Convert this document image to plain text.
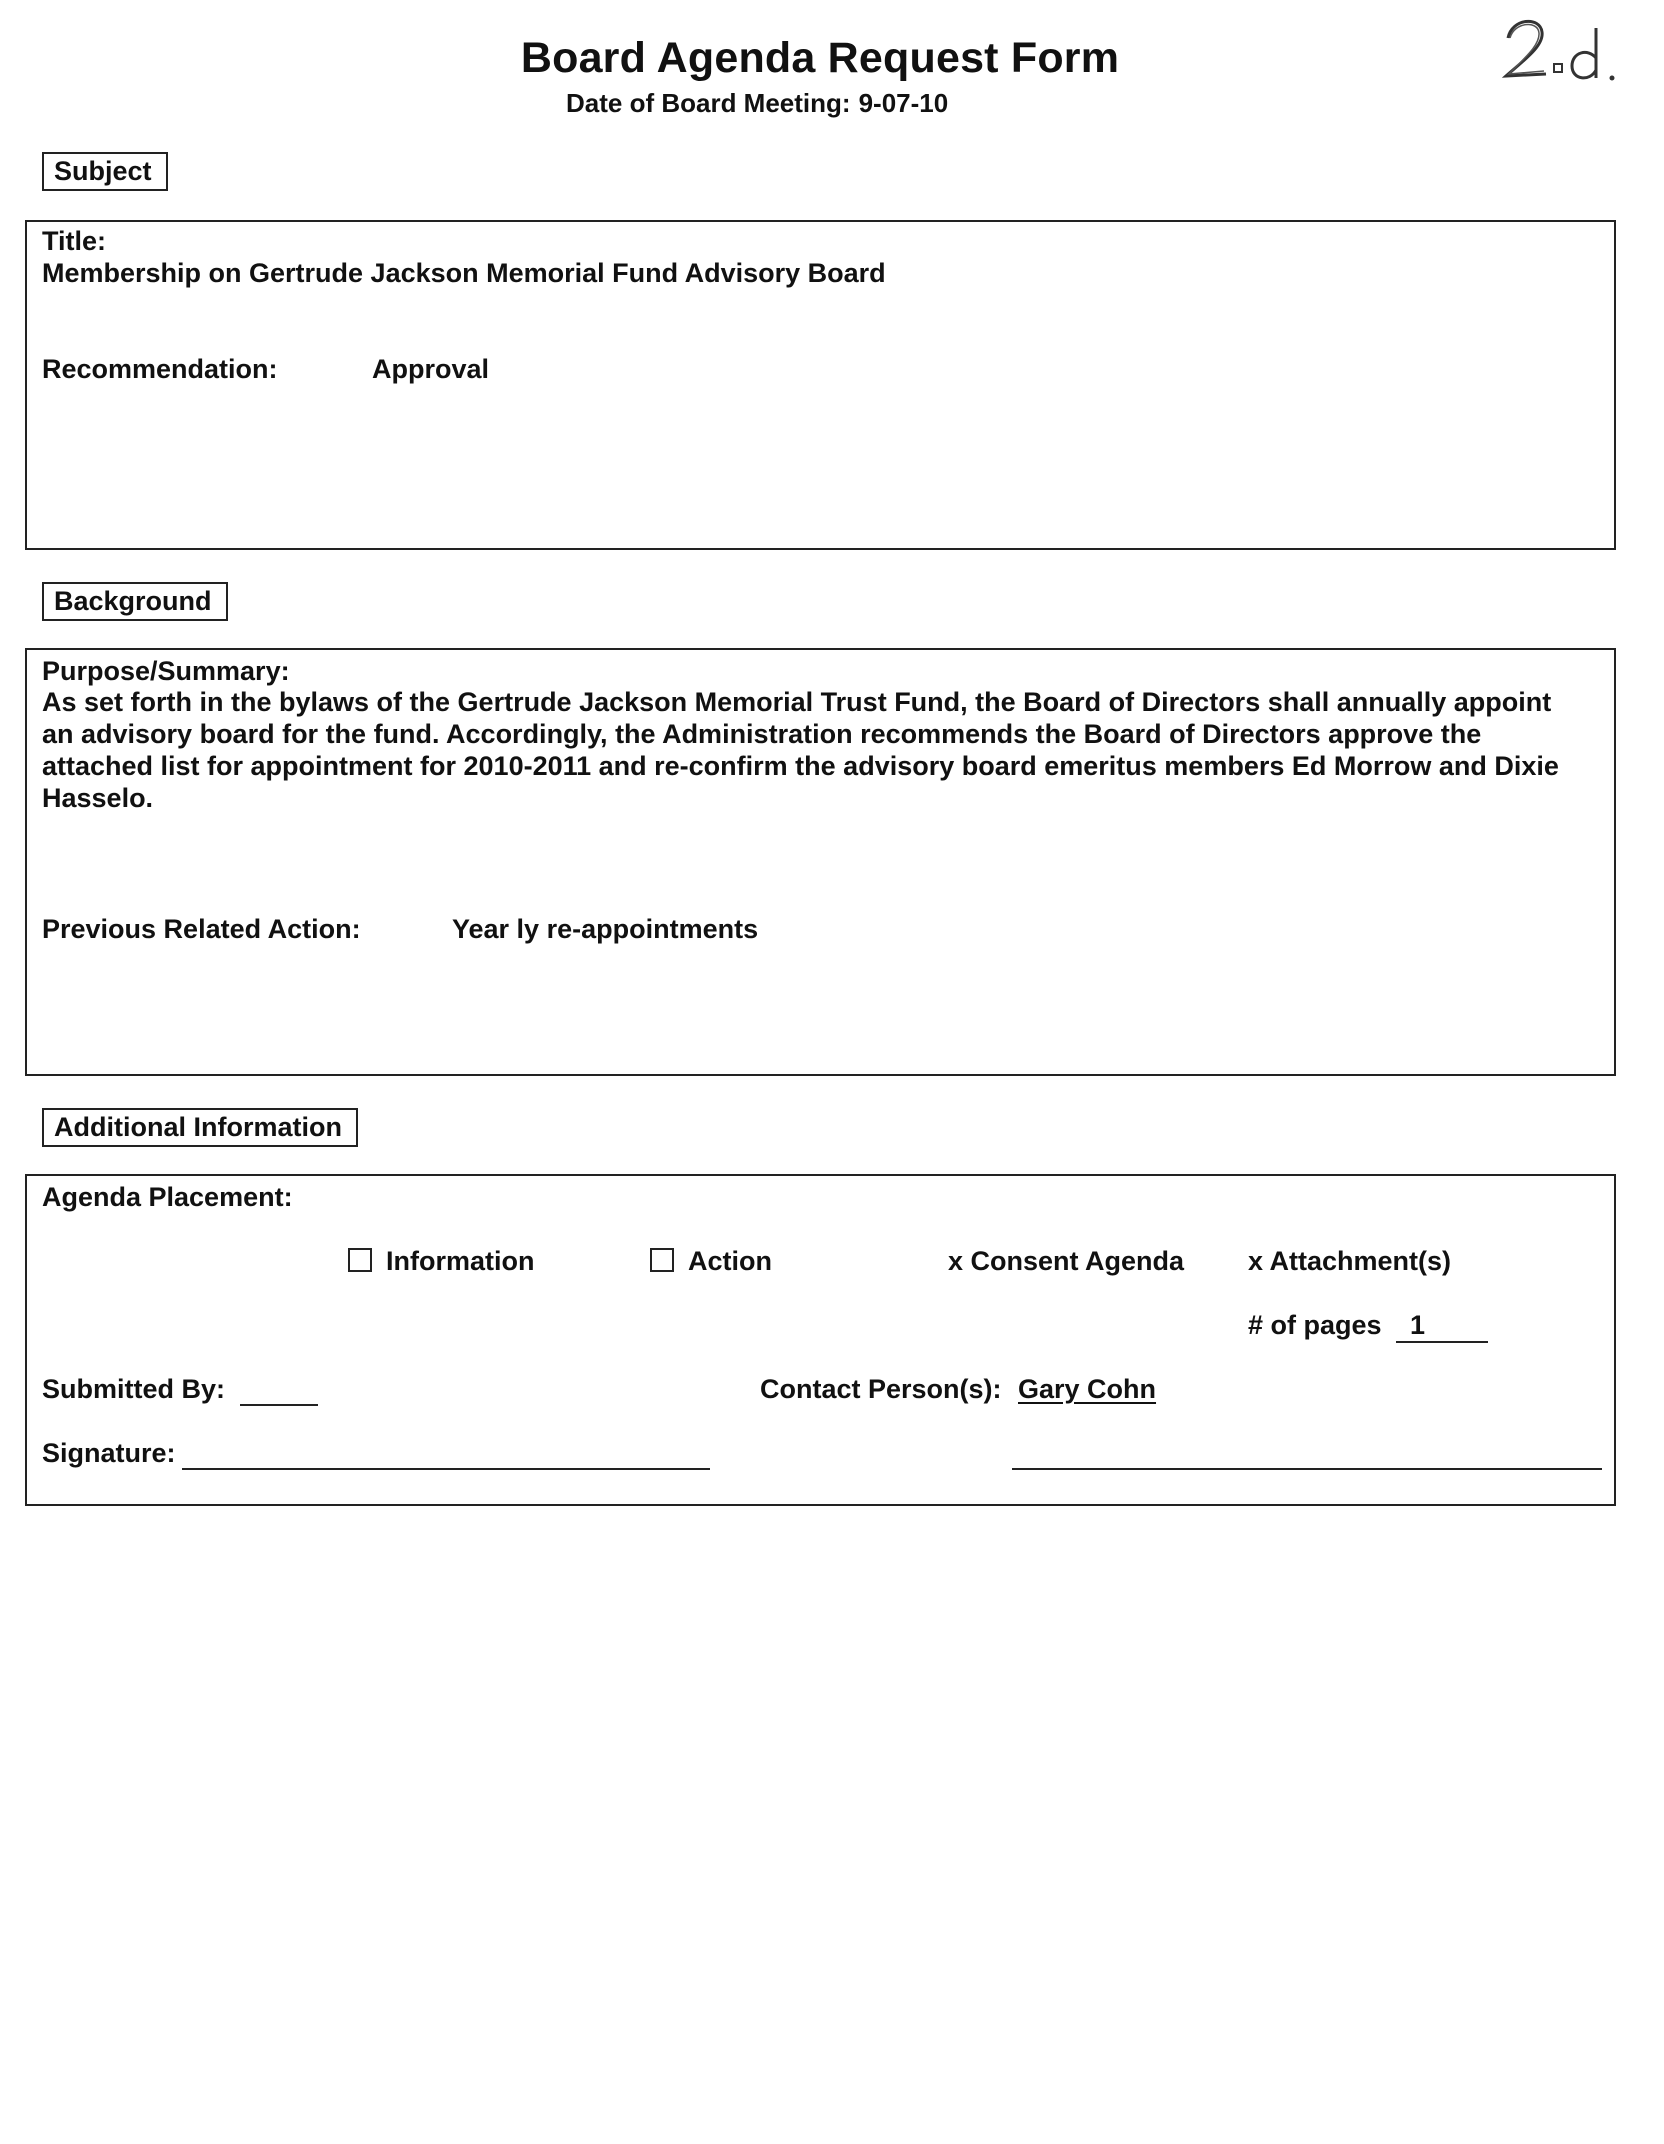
Board Agenda Request Form
Date of Board Meeting: 9-07-10
Subject
Title:
Membership on Gertrude Jackson Memorial Fund Advisory Board
Recommendation:	Approval
Background
Purpose/Summary:
As set forth in the bylaws of the Gertrude Jackson Memorial Trust Fund, the Board of Directors shall annually appoint an advisory board for the fund. Accordingly, the Administration recommends the Board of Directors approve the attached list for appointment for 2010-2011 and re-confirm the advisory board emeritus members Ed Morrow and Dixie Hasselo.
Previous Related Action:	Year ly re-appointments
Additional Information
Agenda Placement:
Information	Action	x Consent Agenda x Attachment(s)
# of pages 1
Submitted By:	Contact Person(s): Gary Cohn
Signature:
